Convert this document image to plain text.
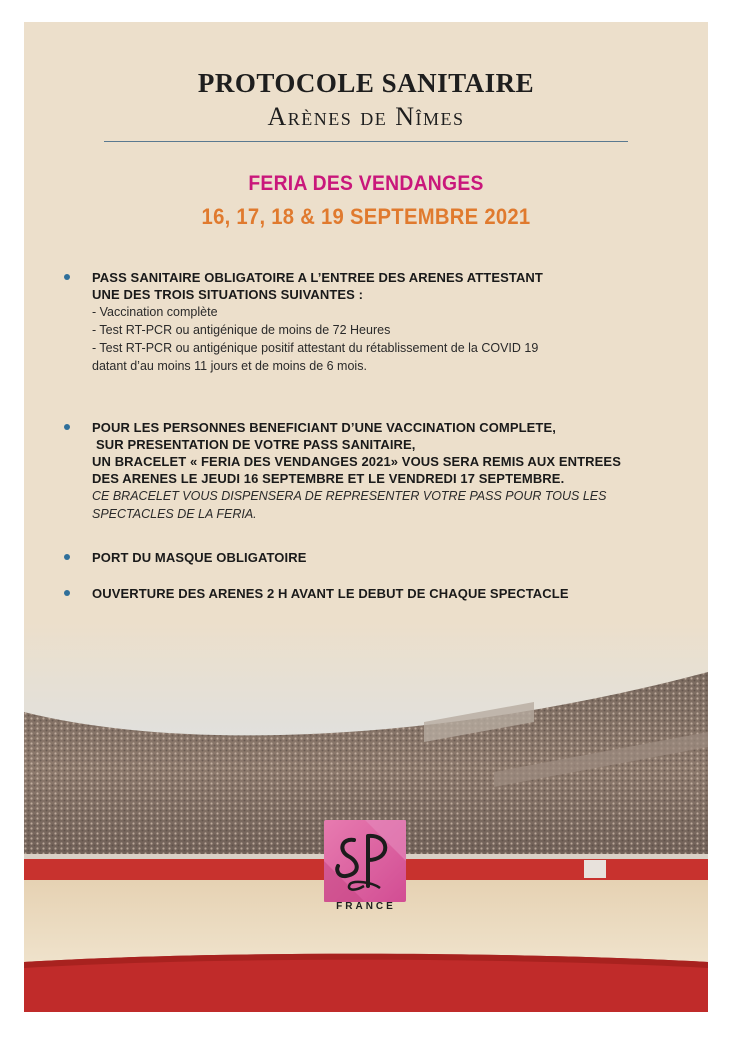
PROTOCOLE SANITAIRE
Arènes de Nîmes
FERIA DES VENDANGES
16, 17, 18 & 19 SEPTEMBRE 2021
PASS SANITAIRE OBLIGATOIRE A L’ENTREE DES ARENES ATTESTANT
UNE DES TROIS SITUATIONS SUIVANTES :
- Vaccination complète
- Test RT-PCR ou antigénique de moins de 72 Heures
- Test RT-PCR ou antigénique positif attestant du rétablissement de la COVID 19
datant d’au moins 11 jours et de moins de 6 mois.
POUR LES PERSONNES BENEFICIANT D’UNE VACCINATION COMPLETE,
SUR PRESENTATION DE VOTRE PASS SANITAIRE,
UN BRACELET « FERIA DES VENDANGES 2021» VOUS SERA REMIS AUX ENTREES
DES ARENES LE JEUDI 16 SEPTEMBRE ET LE VENDREDI 17 SEPTEMBRE.
CE BRACELET VOUS DISPENSERA DE REPRESENTER VOTRE PASS POUR TOUS LES
SPECTACLES DE LA FERIA.
PORT DU MASQUE OBLIGATOIRE
OUVERTURE DES ARENES 2 H AVANT LE DEBUT DE CHAQUE SPECTACLE
FRANCE
